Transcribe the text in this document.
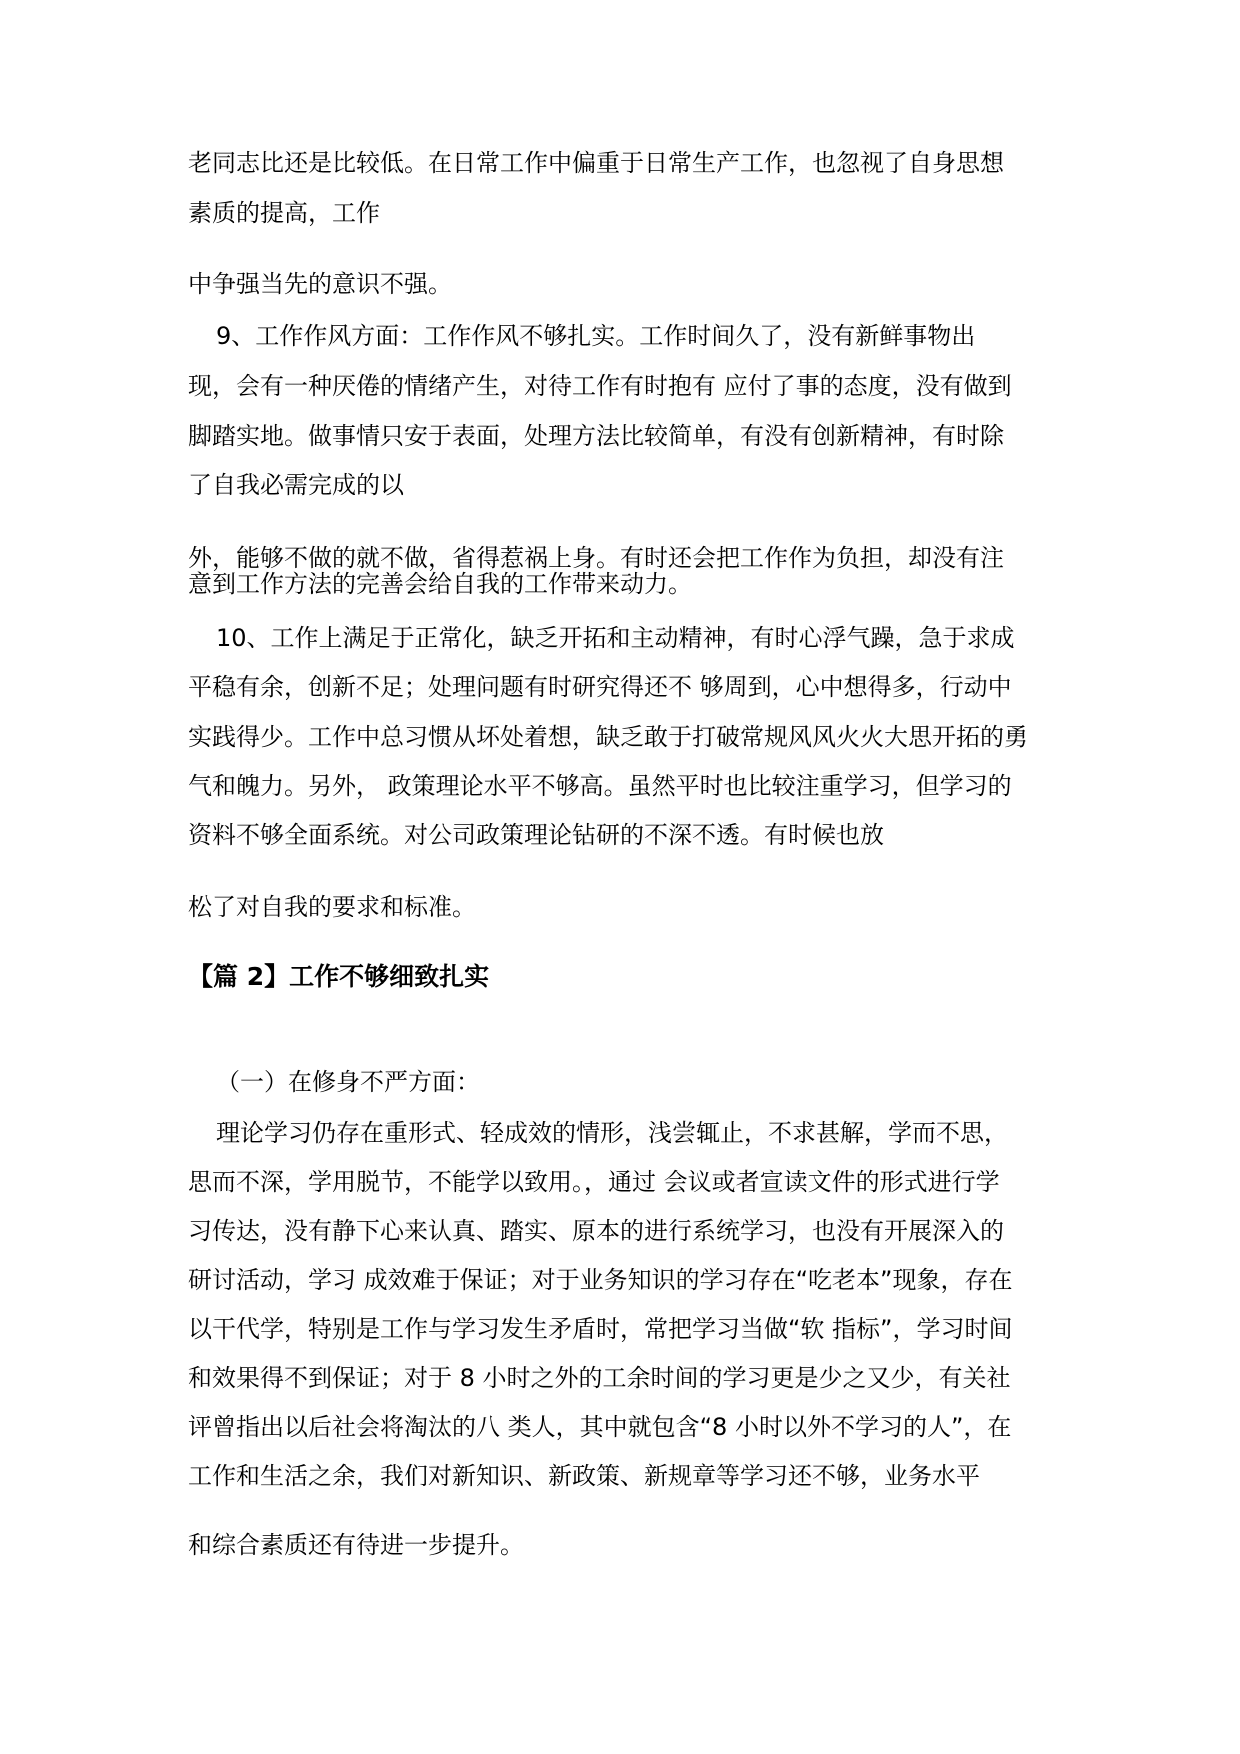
老同志比还是比较低。在日常工作中偏重于日常生产工作，也忽视了自身思想
素质的提高，工作
中争强当先的意识不强。
9、工作作风方面：工作作风不够扎实。工作时间久了，没有新鲜事物出
现，会有一种厌倦的情绪产生，对待工作有时抱有 应付了事的态度，没有做到
脚踏实地。做事情只安于表面，处理方法比较简单，有没有创新精神，有时除
了自我必需完成的以
外，能够不做的就不做，省得惹祸上身。有时还会把工作作为负担，却没有注
意到工作方法的完善会给自我的工作带来动力。
10、工作上满足于正常化，缺乏开拓和主动精神，有时心浮气躁，急于求成
平稳有余，创新不足；处理问题有时研究得还不 够周到，心中想得多，行动中
实践得少。工作中总习惯从坏处着想，缺乏敢于打破常规风风火火大思开拓的勇
气和魄力。另外， 政策理论水平不够高。虽然平时也比较注重学习，但学习的
资料不够全面系统。对公司政策理论钻研的不深不透。有时候也放
松了对自我的要求和标准。
【篇 2】工作不够细致扎实
（一）在修身不严方面：
理论学习仍存在重形式、轻成效的情形，浅尝辄止，不求甚解，学而不思，
思而不深，学用脱节，不能学以致用。，通过 会议或者宣读文件的形式进行学
习传达，没有静下心来认真、踏实、原本的进行系统学习，也没有开展深入的
研讨活动，学习 成效难于保证；对于业务知识的学习存在“吃老本”现象，存在
以干代学，特别是工作与学习发生矛盾时，常把学习当做“软 指标”，学习时间
和效果得不到保证；对于 8 小时之外的工余时间的学习更是少之又少，有关社
评曾指出以后社会将淘汰的八 类人，其中就包含“8 小时以外不学习的人”，在
工作和生活之余，我们对新知识、新政策、新规章等学习还不够，业务水平
和综合素质还有待进一步提升。
